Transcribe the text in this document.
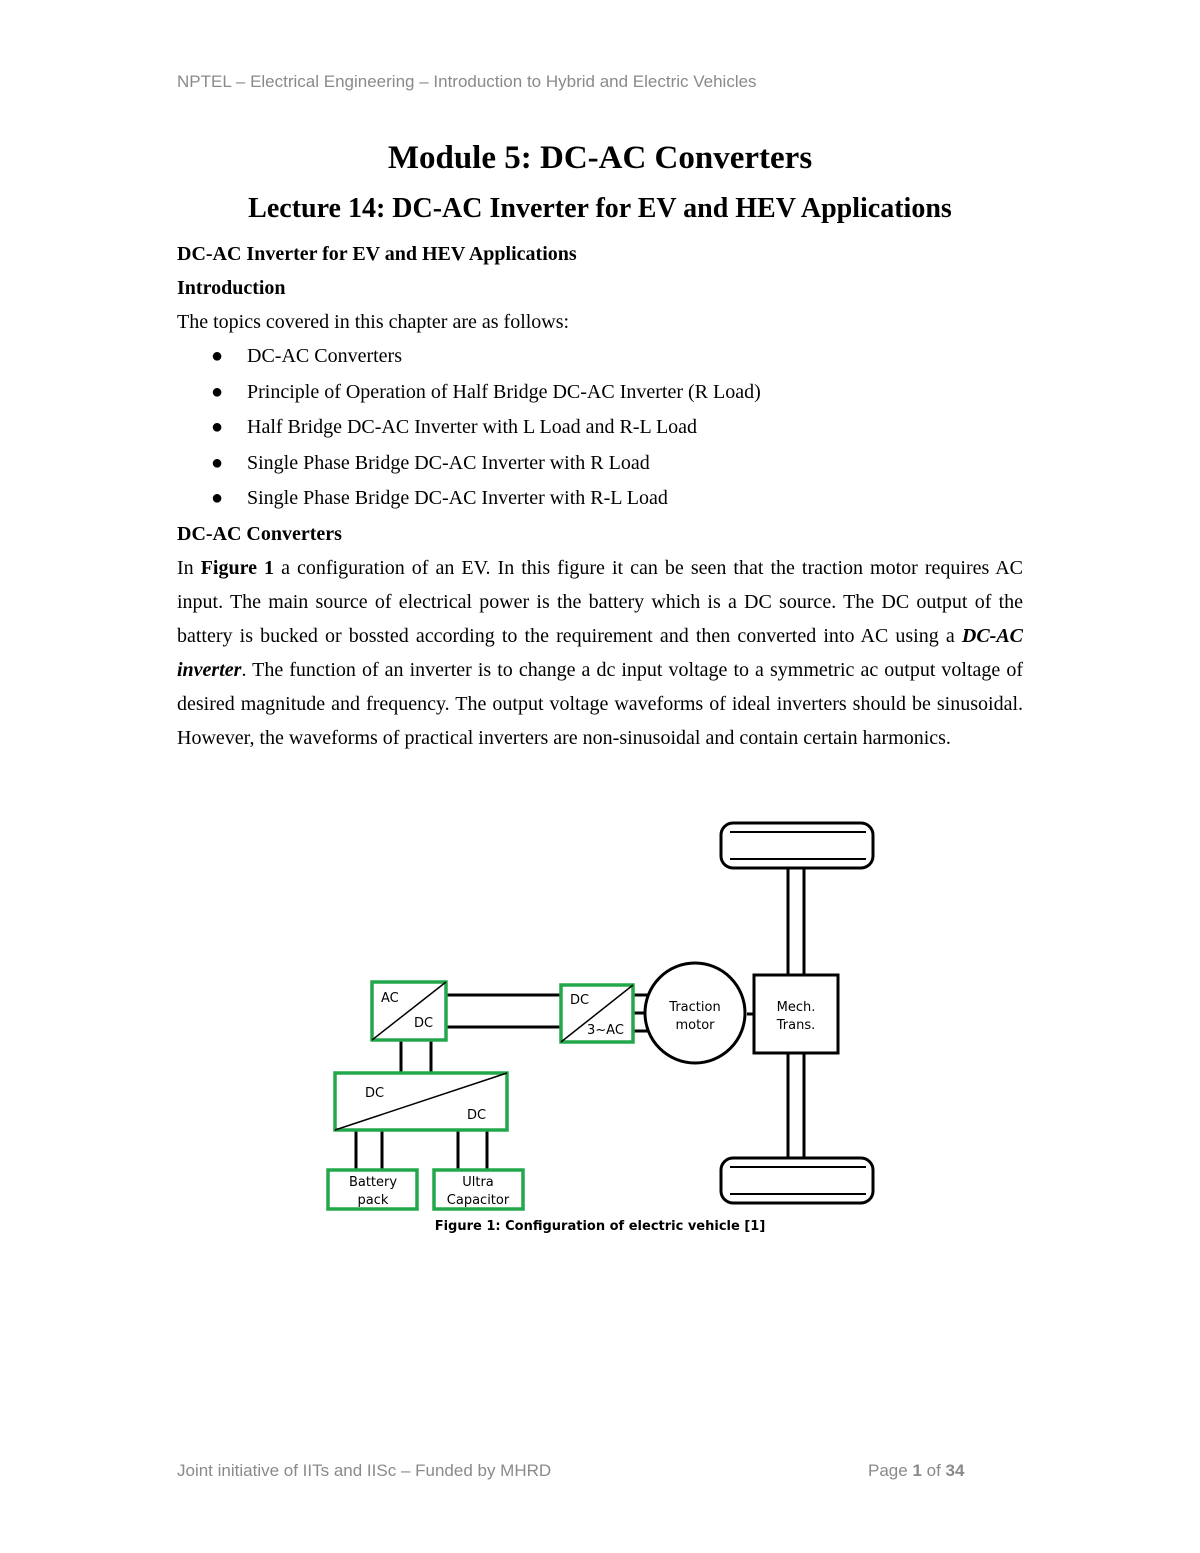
NPTEL – Electrical Engineering – Introduction to Hybrid and Electric Vehicles
Module 5: DC-AC Converters
Lecture 14: DC-AC Inverter for EV and HEV Applications
DC-AC Inverter for EV and HEV Applications
Introduction
The topics covered in this chapter are as follows:
● DC-AC Converters
● Principle of Operation of Half Bridge DC-AC Inverter (R Load)
● Half Bridge DC-AC Inverter with L Load and R-L Load
● Single Phase Bridge DC-AC Inverter with R Load
● Single Phase Bridge DC-AC Inverter with R-L Load
DC-AC Converters
In Figure 1 a configuration of an EV. In this figure it can be seen that the traction motor requires AC input. The main source of electrical power is the battery which is a DC source. The DC output of the battery is bucked or bossted according to the requirement and then converted into AC using a DC-AC inverter. The function of an inverter is to change a dc input voltage to a symmetric ac output voltage of desired magnitude and frequency. The output voltage waveforms of ideal inverters should be sinusoidal. However, the waveforms of practical inverters are non-sinusoidal and contain certain harmonics.
AC
DC
DC
3~AC
Traction
motor
Mech.
Trans.
DC
DC
Battery
pack
Ultra
Capacitor
Figure 1: Configuration of electric vehicle [1]
Joint initiative of IITs and IISc – Funded by MHRD	Page 1 of 34
